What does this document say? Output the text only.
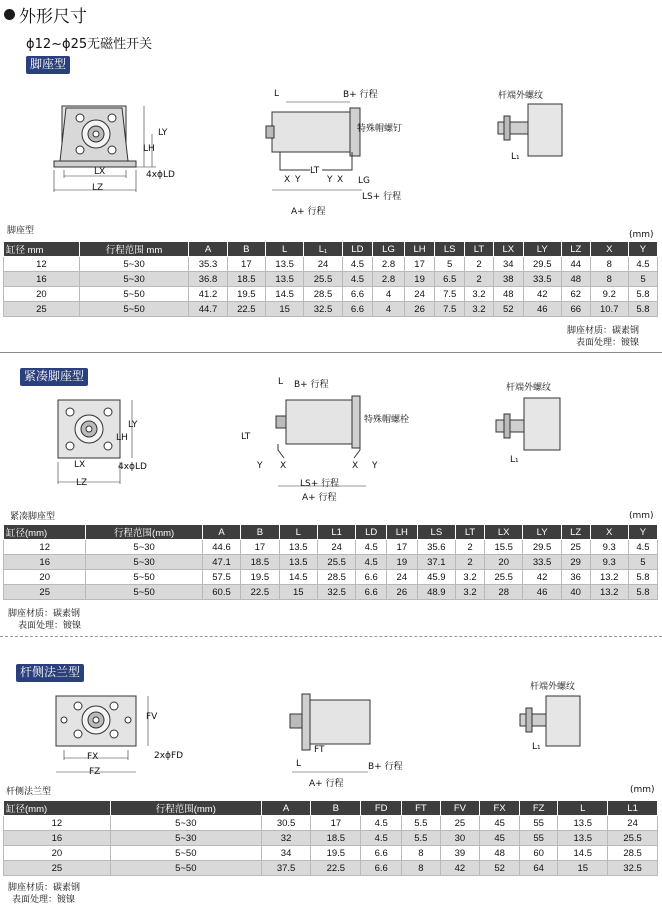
外形尺寸
ϕ12~ϕ25无磁性开关
脚座型
LX
LZ
LY
LH
4xϕLD
L	B+ 行程
特殊帽螺钉
X Y
LT
Y X LG
LS+ 行程
A+ 行程
杆端外螺纹
L₁
脚座型	(mm)
缸径 mm	行程范围 mm	A	B	L	L₁	LD	LG	LH	LS	LT	LX	LY	LZ	X	Y
12	5~30	35.3	17	13.5	24	4.5	2.8	17	5	2	34	29.5	44	8	4.5
16	5~30	36.8	18.5	13.5	25.5	4.5	2.8	19	6.5	2	38	33.5	48	8	5
20	5~50	41.2	19.5	14.5	28.5	6.6	4	24	7.5	3.2	48	42	62	9.2	5.8
25	5~50	44.7	22.5	15	32.5	6.6	4	26	7.5	3.2	52	46	66	10.7	5.8
脚座材质：碳素钢
表面处理：镀镍
紧凑脚座型
LX
LZ
LY
LH
4xϕLD
L B+ 行程
特殊帽螺栓
LT
Y X	X Y
LS+ 行程
A+ 行程
杆端外螺纹
L₁
紧凑脚座型	(mm)
缸径(mm)	行程范围(mm)	A	B	L	L1	LD	LH	LS	LT	LX	LY	LZ	X	Y
12	5~30	44.6	17	13.5	24	4.5	17	35.6	2	15.5	29.5	25	9.3	4.5
16	5~30	47.1	18.5	13.5	25.5	4.5	19	37.1	2	20	33.5	29	9.3	5
20	5~50	57.5	19.5	14.5	28.5	6.6	24	45.9	3.2	25.5	42	36	13.2	5.8
25	5~50	60.5	22.5	15	32.5	6.6	26	48.9	3.2	28	46	40	13.2	5.8
脚座材质：碳素钢
表面处理：镀镍
杆侧法兰型
FX
FZ
FV
2xϕFD
FT
L	B+ 行程
A+ 行程
杆端外螺纹
L₁
杆侧法兰型	(mm)
缸径(mm)	行程范围(mm)	A	B	FD	FT	FV	FX	FZ	L	L1
12	5~30	30.5	17	4.5	5.5	25	45	55	13.5	24
16	5~30	32	18.5	4.5	5.5	30	45	55	13.5	25.5
20	5~50	34	19.5	6.6	8	39	48	60	14.5	28.5
25	5~50	37.5	22.5	6.6	8	42	52	64	15	32.5
脚座材质：碳素钢
表面处理：镀镍
